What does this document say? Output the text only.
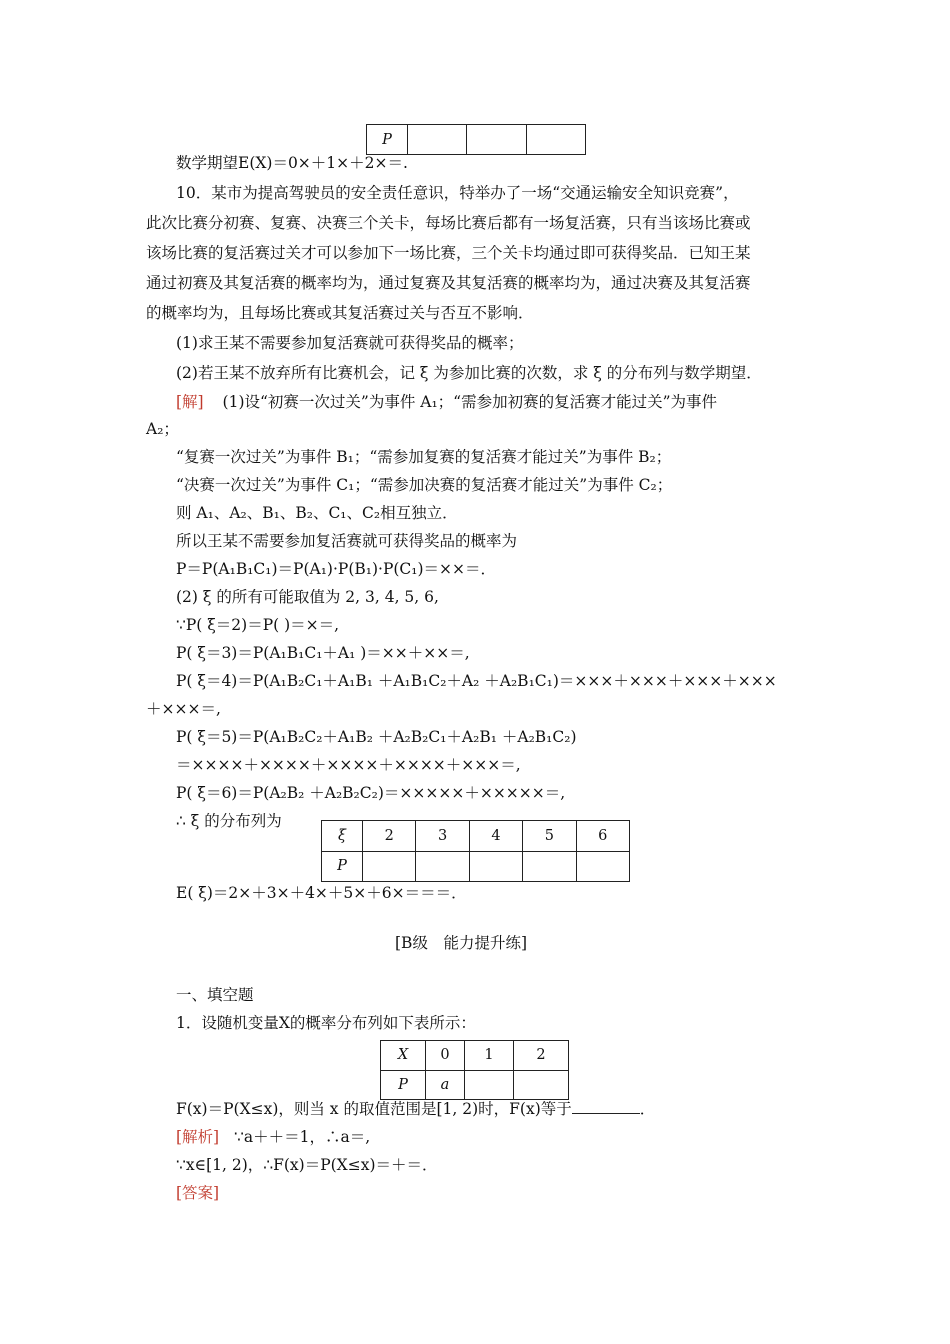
P			
数学期望E(X)＝0×＋1×＋2×＝.
10．某市为提高驾驶员的安全责任意识，特举办了一场“交通运输安全知识竞赛”，
此次比赛分初赛、复赛、决赛三个关卡，每场比赛后都有一场复活赛，只有当该场比赛或
该场比赛的复活赛过关才可以参加下一场比赛，三个关卡均通过即可获得奖品．已知王某
通过初赛及其复活赛的概率均为，通过复赛及其复活赛的概率均为，通过决赛及其复活赛
的概率均为，且每场比赛或其复活赛过关与否互不影响．
(1)求王某不需要参加复活赛就可获得奖品的概率；
(2)若王某不放弃所有比赛机会，记 ξ 为参加比赛的次数，求 ξ 的分布列与数学期望．
[解] (1)设“初赛一次过关”为事件 A₁；“需参加初赛的复活赛才能过关”为事件
A₂；
“复赛一次过关”为事件 B₁；“需参加复赛的复活赛才能过关”为事件 B₂；
“决赛一次过关”为事件 C₁；“需参加决赛的复活赛才能过关”为事件 C₂；
则 A₁、A₂、B₁、B₂、C₁、C₂相互独立．
所以王某不需要参加复活赛就可获得奖品的概率为
P＝P(A₁B₁C₁)＝P(A₁)·P(B₁)·P(C₁)＝××＝．
(2) ξ 的所有可能取值为 2, 3, 4, 5, 6,
∵P( ξ＝2)＝P( )＝×＝,
P( ξ＝3)＝P(A₁B₁C₁＋A₁ )＝××＋××＝,
P( ξ＝4)＝P(A₁B₂C₁＋A₁B₁ ＋A₁B₁C₂＋A₂ ＋A₂B₁C₁)＝×××＋×××＋×××＋×××
＋×××＝,
P( ξ＝5)＝P(A₁B₂C₂＋A₁B₂ ＋A₂B₂C₁＋A₂B₁ ＋A₂B₁C₂)
＝××××＋××××＋××××＋××××＋×××＝,
P( ξ＝6)＝P(A₂B₂ ＋A₂B₂C₂)＝×××××＋×××××＝,
∴ ξ 的分布列为
ξ	2	3	4	5	6
P					
E( ξ)＝2×＋3×＋4×＋5×＋6×＝＝＝．
[B级　能力提升练]
一、填空题
1．设随机变量X的概率分布列如下表所示：
X	0	1	2
P	a		
F(x)＝P(X≤x)，则当 x 的取值范围是[1, 2)时，F(x)等于	．
[解析] ∵a＋＋＝1，∴a＝,
∵x∈[1, 2)，∴F(x)＝P(X≤x)＝＋＝．
[答案]
